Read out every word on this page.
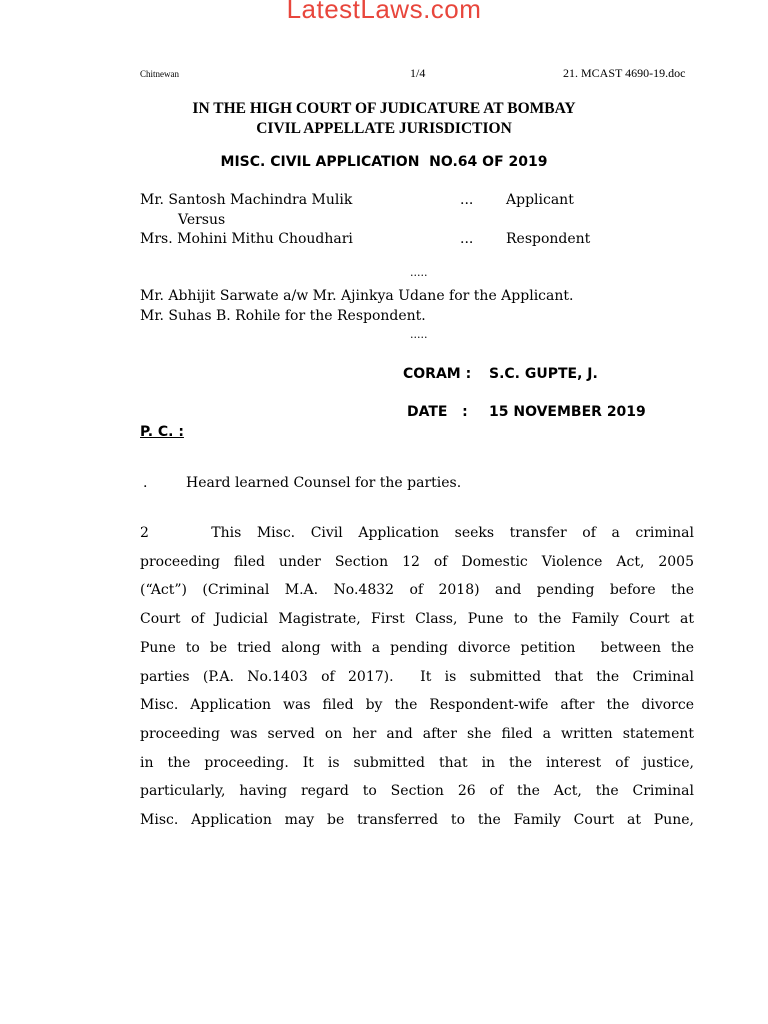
LatestLaws.com
Chitnewan	1/4	21. MCAST 4690-19.doc
IN THE HIGH COURT OF JUDICATURE AT BOMBAY
CIVIL APPELLATE JURISDICTION
MISC. CIVIL APPLICATION  NO.64 OF 2019
Mr. Santosh Machindra Mulik	... Applicant
Versus
Mrs. Mohini Mithu Choudhari	... Respondent
.....
Mr. Abhijit Sarwate a/w Mr. Ajinkya Udane for the Applicant.
Mr. Suhas B. Rohile for the Respondent.
.....
CORAM : S.C. GUPTE, J.
DATE   : 15 NOVEMBER 2019
P. C. :
.	Heard learned Counsel for the parties.
2        This  Misc.  Civil  Application  seeks  transfer  of  a  criminal
proceeding filed under Section 12 of Domestic Violence Act, 2005
(“Act”) (Criminal M.A. No.4832 of 2018) and pending before the
Court of Judicial Magistrate, First Class, Pune to the Family Court at
Pune  to  be  tried  along  with  a  pending  divorce  petition     between  the
parties  (P.A.  No.1403  of  2017).    It  is  submitted  that  the  Criminal
Misc. Application was filed by the Respondent-wife after the divorce
proceeding was served on her and after she filed a written statement
in the proceeding. It is submitted that in the interest of justice,
particularly, having regard to Section 26 of the Act, the Criminal
Misc. Application may be transferred to the Family Court at Pune,
